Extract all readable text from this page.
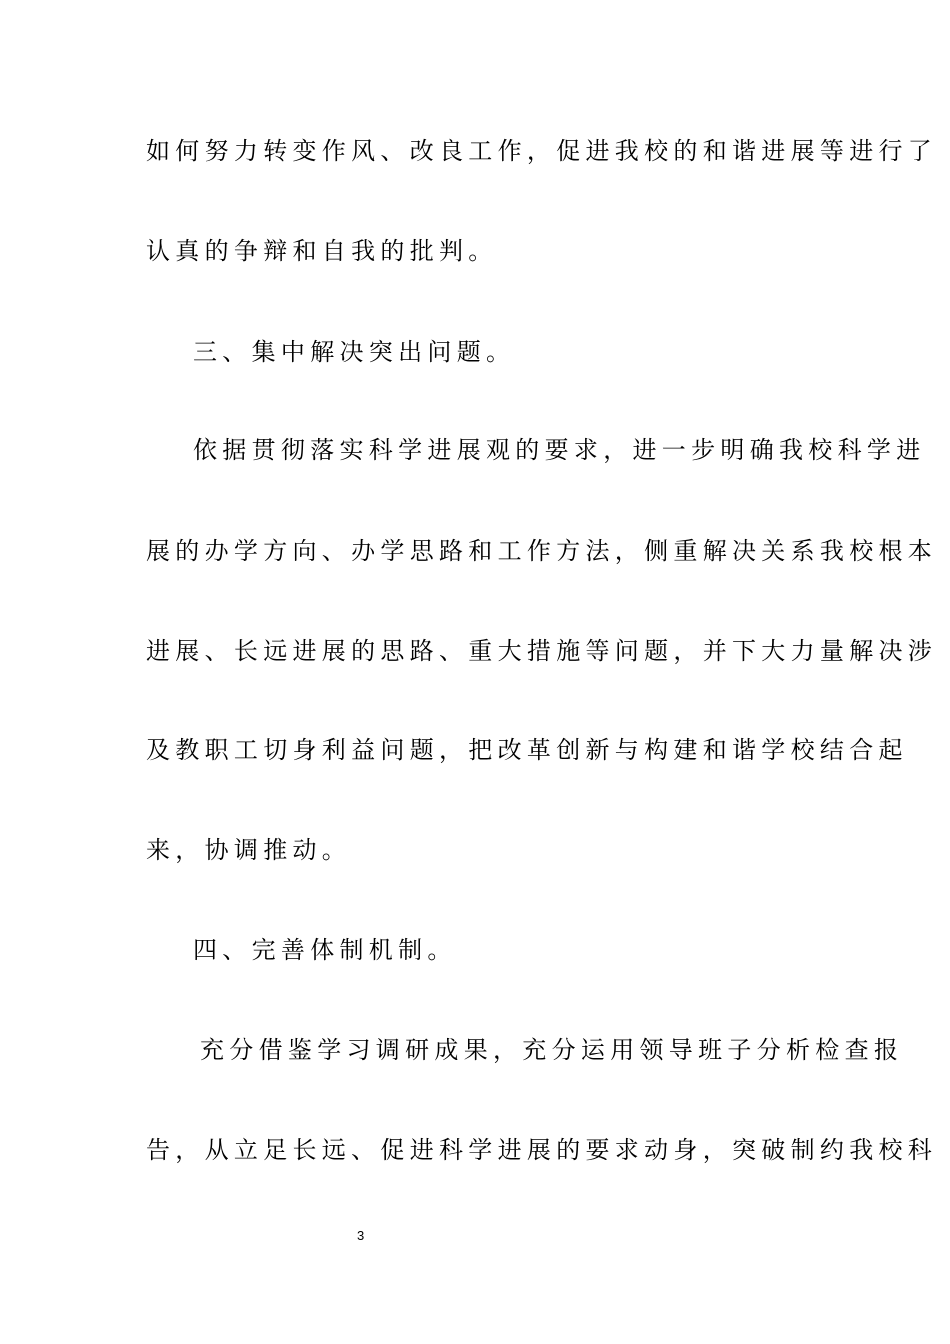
如何努力转变作风、改良工作，促进我校的和谐进展等进行了
认真的争辩和自我的批判。
三、集中解决突出问题。
依据贯彻落实科学进展观的要求，进一步明确我校科学进
展的办学方向、办学思路和工作方法，侧重解决关系我校根本
进展、长远进展的思路、重大措施等问题，并下大力量解决涉
及教职工切身利益问题，把改革创新与构建和谐学校结合起
来，协调推动。
四、完善体制机制。
充分借鉴学习调研成果，充分运用领导班子分析检查报
告，从立足长远、促进科学进展的要求动身，突破制约我校科
3
